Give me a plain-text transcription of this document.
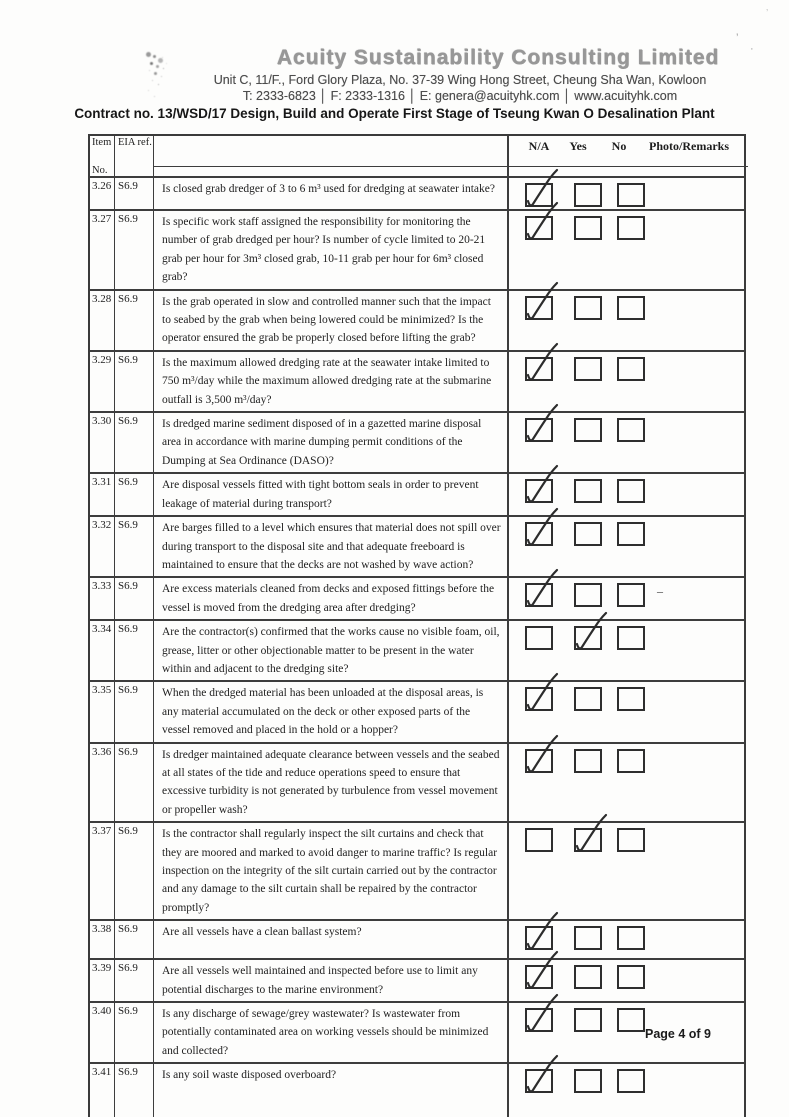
’
·
’
Acuity Sustainability Consulting Limited
Unit C, 11/F., Ford Glory Plaza, No. 37-39 Wing Hong Street, Cheung Sha Wan, Kowloon
T: 2333-6823 │ F: 2333-1316 │ E: genera@acuityhk.com │ www.acuityhk.com
Contract no. 13/WSD/17 Design, Build and Operate First Stage of Tseung Kwan O Desalination Plant
Item
No.
EIA ref.	N/A Yes No Photo/Remarks
3.26 S6.9	Is closed grab dredger of 3 to 6 m³ used for dredging at seawater intake?
3.27 S6.9	Is specific work staff assigned the responsibility for monitoring the number of grab dredged per hour? Is number of cycle limited to 20-21 grab per hour for 3m³ closed grab, 10-11 grab per hour for 6m³ closed grab?
3.28 S6.9	Is the grab operated in slow and controlled manner such that the impact to seabed by the grab when being lowered could be minimized? Is the operator ensured the grab be properly closed before lifting the grab?
3.29 S6.9	Is the maximum allowed dredging rate at the seawater intake limited to 750 m³/day while the maximum allowed dredging rate at the submarine outfall is 3,500 m³/day?
3.30 S6.9	Is dredged marine sediment disposed of in a gazetted marine disposal area in accordance with marine dumping permit conditions of the Dumping at Sea Ordinance (DASO)?
3.31 S6.9	Are disposal vessels fitted with tight bottom seals in order to prevent leakage of material during transport?
3.32 S6.9	Are barges filled to a level which ensures that material does not spill over during transport to the disposal site and that adequate freeboard is maintained to ensure that the decks are not washed by wave action?
3.33 S6.9	Are excess materials cleaned from decks and exposed fittings before the vessel is moved from the dredging area after dredging?
–
3.34 S6.9	Are the contractor(s) confirmed that the works cause no visible foam, oil, grease, litter or other objectionable matter to be present in the water within and adjacent to the dredging site?
3.35 S6.9	When the dredged material has been unloaded at the disposal areas, is any material accumulated on the deck or other exposed parts of the vessel removed and placed in the hold or a hopper?
3.36 S6.9	Is dredger maintained adequate clearance between vessels and the seabed at all states of the tide and reduce operations speed to ensure that excessive turbidity is not generated by turbulence from vessel movement or propeller wash?
3.37 S6.9	Is the contractor shall regularly inspect the silt curtains and check that they are moored and marked to avoid danger to marine traffic? Is regular inspection on the integrity of the silt curtain carried out by the contractor and any damage to the silt curtain shall be repaired by the contractor promptly?
3.38 S6.9	Are all vessels have a clean ballast system?
3.39 S6.9	Are all vessels well maintained and inspected before use to limit any potential discharges to the marine environment?
3.40 S6.9	Is any discharge of sewage/grey wastewater? Is wastewater from potentially contaminated area on working vessels should be minimized and collected?
3.41 S6.9	Is any soil waste disposed overboard?
Page 4 of 9
